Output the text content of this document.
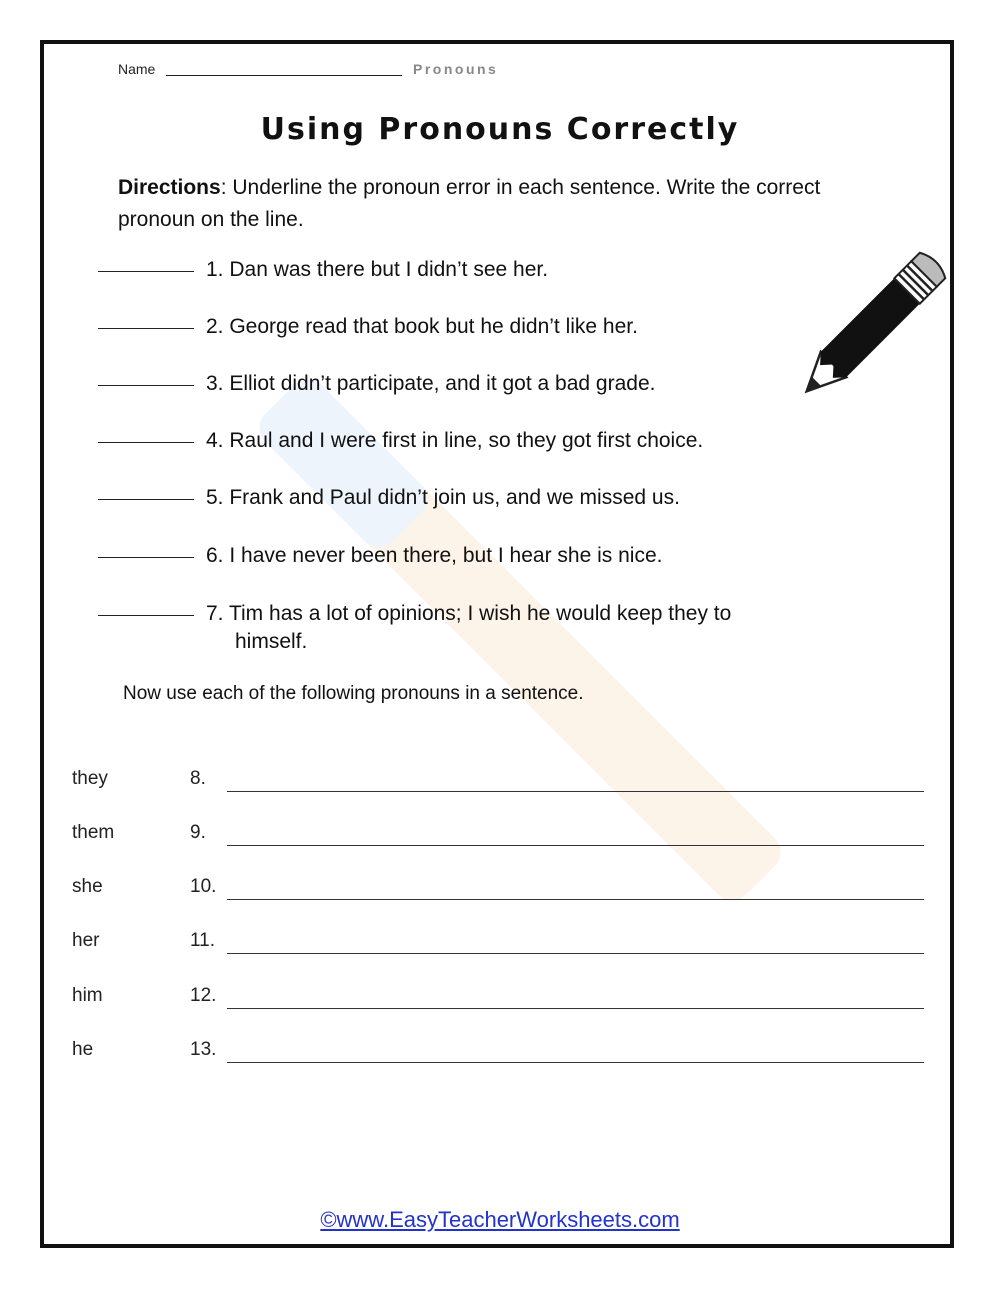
Name	Pronouns
Using Pronouns Correctly
Directions: Underline the pronoun error in each sentence. Write the correct pronoun on the line.
1. Dan was there but I didn’t see her.
2. George read that book but he didn’t like her.
3. Elliot didn’t participate, and it got a bad grade.
4. Raul and I were first in line, so they got first choice.
5. Frank and Paul didn’t join us, and we missed us.
6. I have never been there, but I hear she is nice.
7. Tim has a lot of opinions; I wish he would keep they to
himself.
Now use each of the following pronouns in a sentence.
they	8.
them	9.
she	10.
her	11.
him	12.
he	13.
©www.EasyTeacherWorksheets.com
